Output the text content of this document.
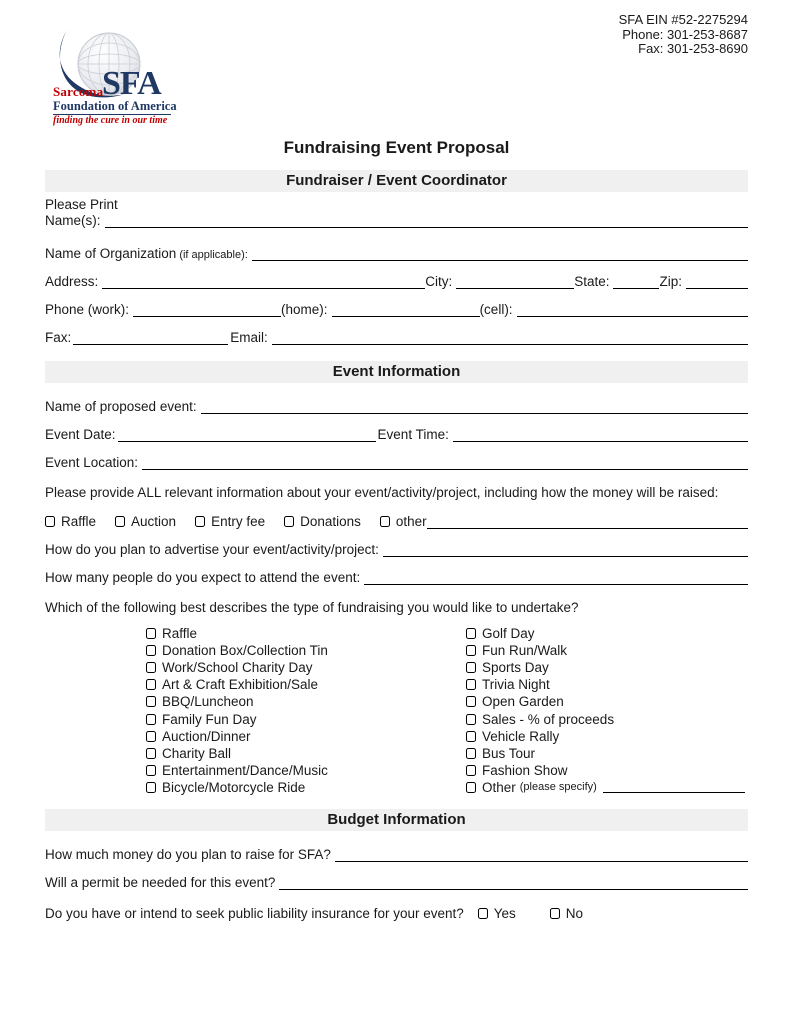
SFA EIN #52-2275294
Phone: 301-253-8687
Fax: 301-253-8690
Sarcoma
SFA
Foundation of America
finding the cure in our time
Fundraising Event Proposal
Fundraiser / Event Coordinator
Please Print
Name(s):
Name of Organization (if applicable):
Address:	City:	State:	Zip:
Phone (work):	(home):	(cell):
Fax:	Email:
Event Information
Name of proposed event:
Event Date:	Event Time:
Event Location:
Please provide ALL relevant information about your event/activity/project, including how the money will be raised:
Raffle	Auction	Entry fee	Donations	other
How do you plan to advertise your event/activity/project:
How many people do you expect to attend the event:
Which of the following best describes the type of fundraising you would like to undertake?
Raffle
Donation Box/Collection Tin
Work/School Charity Day
Art & Craft Exhibition/Sale
BBQ/Luncheon
Family Fun Day
Auction/Dinner
Charity Ball
Entertainment/Dance/Music
Bicycle/Motorcycle Ride
Golf Day
Fun Run/Walk
Sports Day
Trivia Night
Open Garden
Sales - % of proceeds
Vehicle Rally
Bus Tour
Fashion Show
Other (please specify)
Budget Information
How much money do you plan to raise for SFA?
Will a permit be needed for this event?
Do you have or intend to seek public liability insurance for your event? Yes	No
